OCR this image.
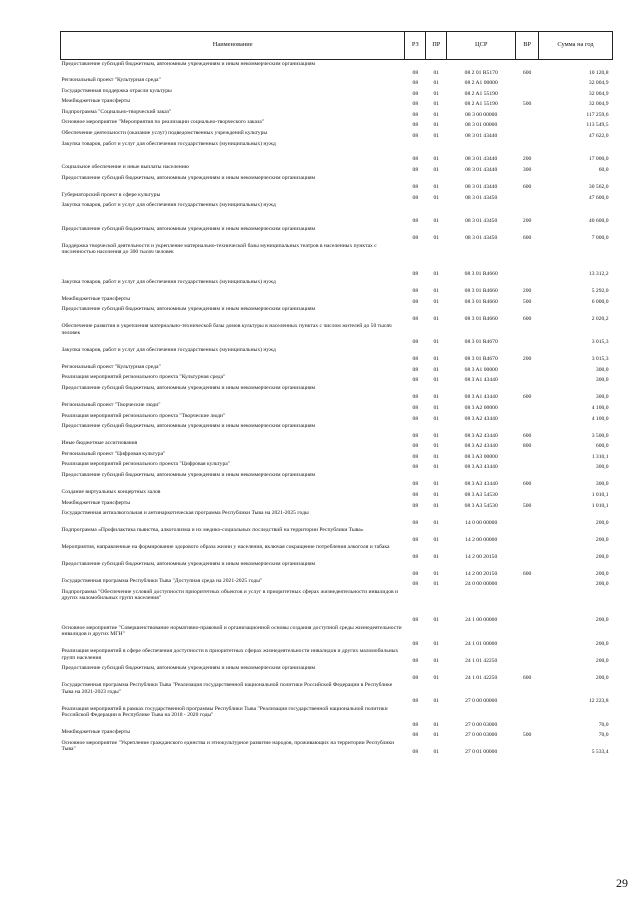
Наименование	РЗ	ПР	ЦСР	ВР	Сумма на год
Предоставление субсидий бюджетным, автономным учреждениям и иным некоммерческим организациям	08	01	08 2 01 R5170	600	10 120,8
Региональный проект "Культурная среда"	08	01	08 2 A1 00000		32 004,9
Государственная поддержка отрасли культуры	08	01	08 2 A1 55190		32 004,9
Межбюджетные трансферты	08	01	08 2 A1 55190	500	32 004,9
Подпрограмма "Социально-творческий заказ"	08	01	08 3 00 00000		117 259,6
Основное мероприятие "Мероприятия по реализации социально-творческого заказа"	08	01	08 3 01 00000		113 549,5
Обеспечение деятельности (оказание услуг) подведомственных учреждений культуры	08	01	08 3 01 43440		47 622,0
Закупка товаров, работ и услуг для обеспечения государственных (муниципальных) нужд	08	01	08 3 01 43440	200	17 000,0
Социальное обеспечение и иные выплаты населению	08	01	08 3 01 43440	300	60,0
Предоставление субсидий бюджетным, автономным учреждениям и иным некоммерческим организациям	08	01	08 3 01 43440	600	30 562,0
Губернаторский проект в сфере культуры	08	01	08 3 01 43450		47 600,0
Закупка товаров, работ и услуг для обеспечения государственных (муниципальных) нужд	08	01	08 3 01 43450	200	40 600,0
Предоставление субсидий бюджетным, автономным учреждениям и иным некоммерческим организациям	08	01	08 3 01 43450	600	7 000,0
Поддержка творческой деятельности и укрепление материально-технической базы муниципальных театров в населенных пунктах с численностью населения до 300 тысяч человек	08	01	08 3 01 R4660		13 312,2
Закупка товаров, работ и услуг для обеспечения государственных (муниципальных) нужд	08	01	08 3 01 R4660	200	5 292,0
Межбюджетные трансферты	08	01	08 3 01 R4660	500	6 000,0
Предоставление субсидий бюджетным, автономным учреждениям и иным некоммерческим организациям	08	01	08 3 01 R4660	600	2 020,2
Обеспечение развития и укрепления материально-технической базы домов культуры в населенных пунктах с числом жителей до 50 тысяч человек	08	01	08 3 01 R4670		3 015,3
Закупка товаров, работ и услуг для обеспечения государственных (муниципальных) нужд	08	01	08 3 01 R4670	200	3 015,3
Региональный проект "Культурная среда"	08	01	08 3 A1 00000		300,0
Реализация мероприятий регионального проекта "Культурная среда"	08	01	08 3 A1 43440		300,0
Предоставление субсидий бюджетным, автономным учреждениям и иным некоммерческим организациям	08	01	08 3 A1 43440	600	300,0
Региональный проект "Творческие люди"	08	01	08 3 A2 00000		4 100,0
Реализация мероприятий регионального проекта "Творческие люди"	08	01	08 3 A2 43440		4 100,0
Предоставление субсидий бюджетным, автономным учреждениям и иным некоммерческим организациям	08	01	08 3 A2 43440	600	3 500,0
Иные бюджетные ассигнования	08	01	08 3 A2 43440	800	600,0
Региональный проект "Цифровая культура"	08	01	08 3 A3 00000		1 310,1
Реализация мероприятий регионального проекта "Цифровая культура"	08	01	08 3 A3 43440		300,0
Предоставление субсидий бюджетным, автономным учреждениям и иным некоммерческим организациям	08	01	08 3 A3 43440	600	300,0
Создание виртуальных концертных залов	08	01	08 3 A3 54530		1 010,1
Межбюджетные трансферты	08	01	08 3 A3 54530	500	1 010,1
Государственная антиалкогольная и антинаркотическая программа Республики Тыва на 2021-2025 годы	08	01	14 0 00 00000		200,0
Подпрограмма «Профилактика пьянства, алкоголизма и их медико-социальных последствий на территории Республики Тыва»	08	01	14 2 00 00000		200,0
Мероприятия, направленные на формирование здорового образа жизни у населения, включая сокращение потребления алкоголя и табака	08	01	14 2 00 20150		200,0
Предоставление субсидий бюджетным, автономным учреждениям и иным некоммерческим организациям	08	01	14 2 00 20150	600	200,0
Государственная программа Республики Тыва "Доступная среда на 2021-2025 годы"	08	01	24 0 00 00000		200,0
Подпрограмма "Обеспечение условий доступности приоритетных объектов и услуг в приоритетных сферах жизнедеятельности инвалидов и других маломобильных групп населения"	08	01	24 1 00 00000		200,0
Основное мероприятие "Совершенствование нормативно-правовой и организационной основы создания доступной среды жизнедеятельности инвалидов и других МГН"	08	01	24 1 01 00000		200,0
Реализация мероприятий в сфере обеспечения доступности в приоритетных сферах жизнедеятельности инвалидов и других маломобильных групп населения	08	01	24 1 01 42250		200,0
Предоставление субсидий бюджетным, автономным учреждениям и иным некоммерческим организациям	08	01	24 1 01 42250	600	200,0
Государственная программа Республики Тыва "Реализация государственной национальной политики Российской Федерации в Республике Тыва на 2021-2023 годы"	08	01	27 0 00 00000		12 223,8
Реализация мероприятий в рамках государственной программы Республики Тыва "Реализация государственной национальной политики Российской Федерации в Республике Тыва на 2018 - 2020 годы"	08	01	27 0 00 03000		70,0
Межбюджетные трансферты	08	01	27 0 00 03000	500	70,0
Основное мероприятие "Укрепление гражданского единства и этнокультурное развитие народов, проживающих на территории Республики Тыва"	08	01	27 0 01 00000		5 533,4
29
